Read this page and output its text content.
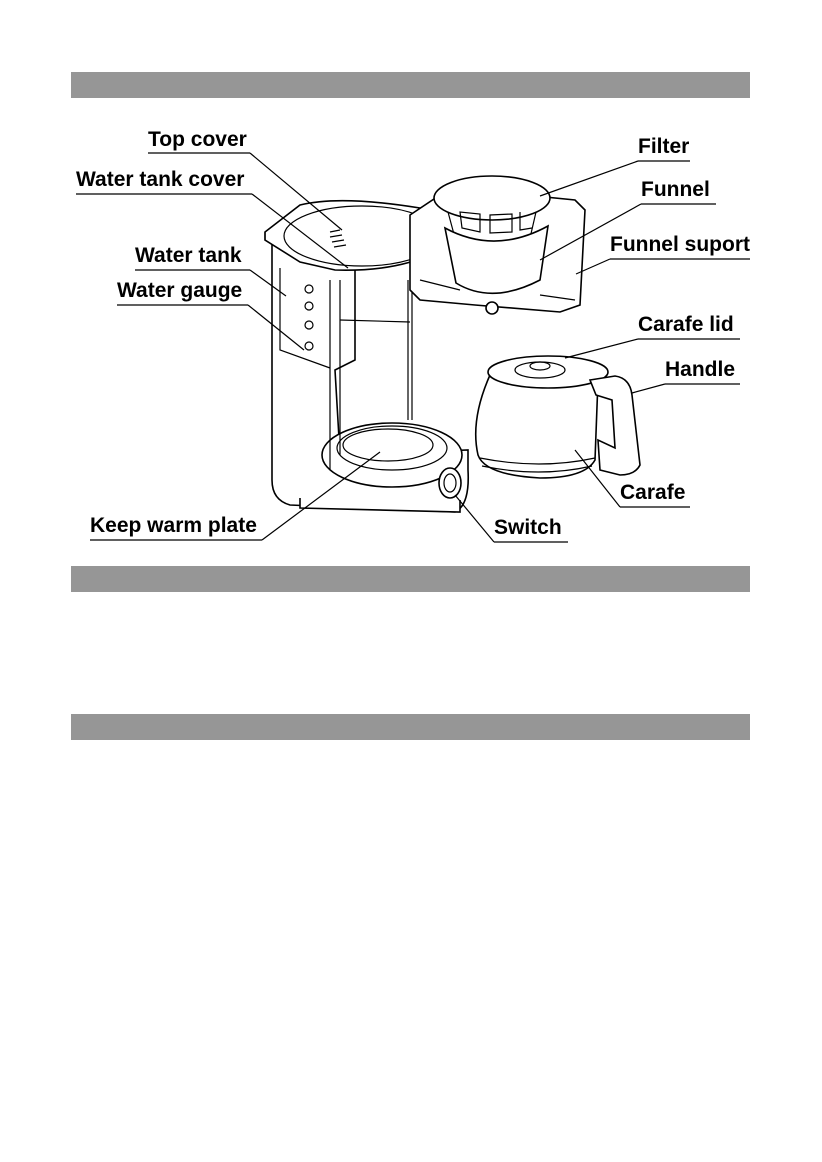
Top cover
Water tank cover
Water tank
Water gauge
Keep warm plate
Filter
Funnel
Funnel suport
Carafe lid
Handle
Carafe
Switch
